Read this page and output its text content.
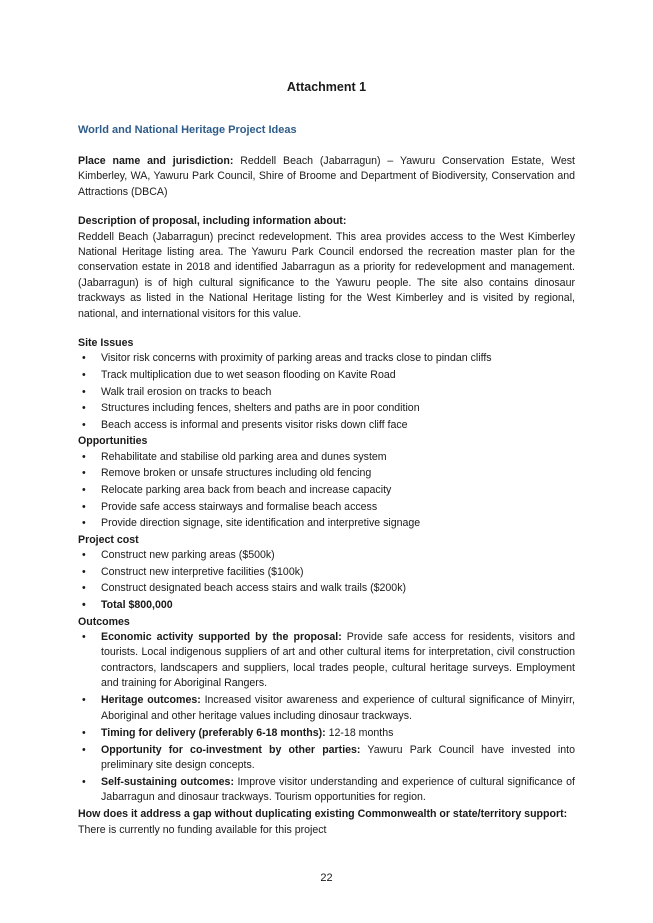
Attachment 1
World and National Heritage Project Ideas

Place name and jurisdiction: Reddell Beach (Jabarragun) – Yawuru Conservation Estate, West Kimberley, WA, Yawuru Park Council, Shire of Broome and Department of Biodiversity, Conservation and Attractions (DBCA)

Description of proposal, including information about:

Reddell Beach (Jabarragun) precinct redevelopment. This area provides access to the West Kimberley National Heritage listing area. The Yawuru Park Council endorsed the recreation master plan for the conservation estate in 2018 and identified Jabarragun as a priority for redevelopment and management. (Jabarragun) is of high cultural significance to the Yawuru people. The site also contains dinosaur trackways as listed in the National Heritage listing for the West Kimberley and is visited by regional, national, and international visitors for this value.

Site Issues
• Visitor risk concerns with proximity of parking areas and tracks close to pindan cliffs
• Track multiplication due to wet season flooding on Kavite Road
• Walk trail erosion on tracks to beach
• Structures including fences, shelters and paths are in poor condition
• Beach access is informal and presents visitor risks down cliff face
Opportunities
• Rehabilitate and stabilise old parking area and dunes system
• Remove broken or unsafe structures including old fencing
• Relocate parking area back from beach and increase capacity
• Provide safe access stairways and formalise beach access
• Provide direction signage, site identification and interpretive signage
Project cost
• Construct new parking areas ($500k)
• Construct new interpretive facilities ($100k)
• Construct designated beach access stairs and walk trails ($200k)
• Total $800,000
Outcomes
• Economic activity supported by the proposal: Provide safe access for residents, visitors and tourists. Local indigenous suppliers of art and other cultural items for interpretation, civil construction contractors, landscapers and suppliers, local trades people, cultural heritage surveys. Employment and training for Aboriginal Rangers.
• Heritage outcomes: Increased visitor awareness and experience of cultural significance of Minyirr, Aboriginal and other heritage values including dinosaur trackways.
• Timing for delivery (preferably 6-18 months): 12-18 months
• Opportunity for co-investment by other parties: Yawuru Park Council have invested into preliminary site design concepts.
• Self-sustaining outcomes: Improve visitor understanding and experience of cultural significance of Jabarragun and dinosaur trackways. Tourism opportunities for region.
How does it address a gap without duplicating existing Commonwealth or state/territory support:
There is currently no funding available for this project
22
